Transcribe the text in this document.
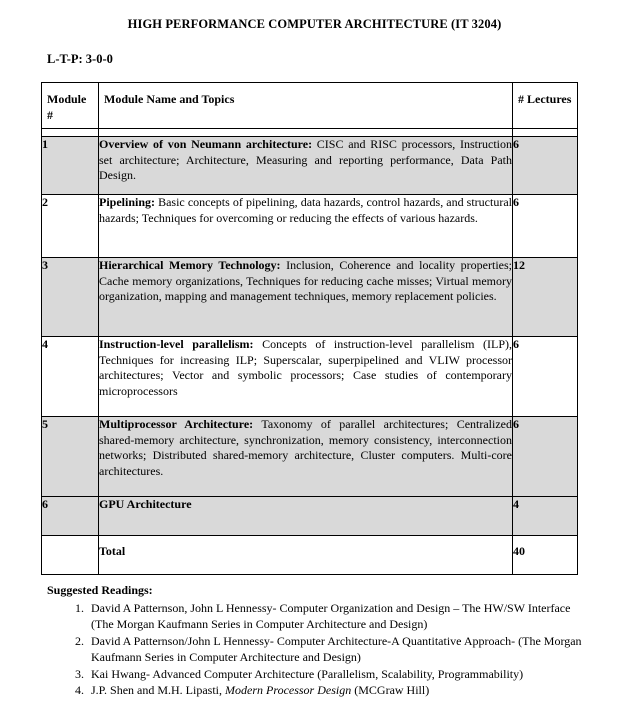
HIGH PERFORMANCE COMPUTER ARCHITECTURE (IT 3204)
L-T-P: 3-0-0
Module #	Module Name and Topics	# Lectures

1	Overview of von Neumann architecture: CISC and RISC processors, Instruction set architecture; Architecture, Measuring and reporting performance, Data Path Design.	6
2	Pipelining: Basic concepts of pipelining, data hazards, control hazards, and structural hazards; Techniques for overcoming or reducing the effects of various hazards.	6
3	Hierarchical Memory Technology: Inclusion, Coherence and locality properties; Cache memory organizations, Techniques for reducing cache misses; Virtual memory organization, mapping and management techniques, memory replacement policies.	12
4	Instruction-level parallelism: Concepts of instruction-level parallelism (ILP), Techniques for increasing ILP; Superscalar, superpipelined and VLIW processor architectures; Vector and symbolic processors; Case studies of contemporary microprocessors	6
5	Multiprocessor Architecture: Taxonomy of parallel architectures; Centralized shared-memory architecture, synchronization, memory consistency, interconnection networks; Distributed shared-memory architecture, Cluster computers. Multi-core architectures.	6
6	GPU Architecture	4
	Total	40
Suggested Readings:
1. David A Patternson, John L Hennessy- Computer Organization and Design – The HW/SW Interface (The Morgan Kaufmann Series in Computer Architecture and Design)
2. David A Patternson/John L Hennessy- Computer Architecture-A Quantitative Approach- (The Morgan Kaufmann Series in Computer Architecture and Design)
3. Kai Hwang- Advanced Computer Architecture (Parallelism, Scalability, Programmability)
4. J.P. Shen and M.H. Lipasti, Modern Processor Design (MCGraw Hill)
